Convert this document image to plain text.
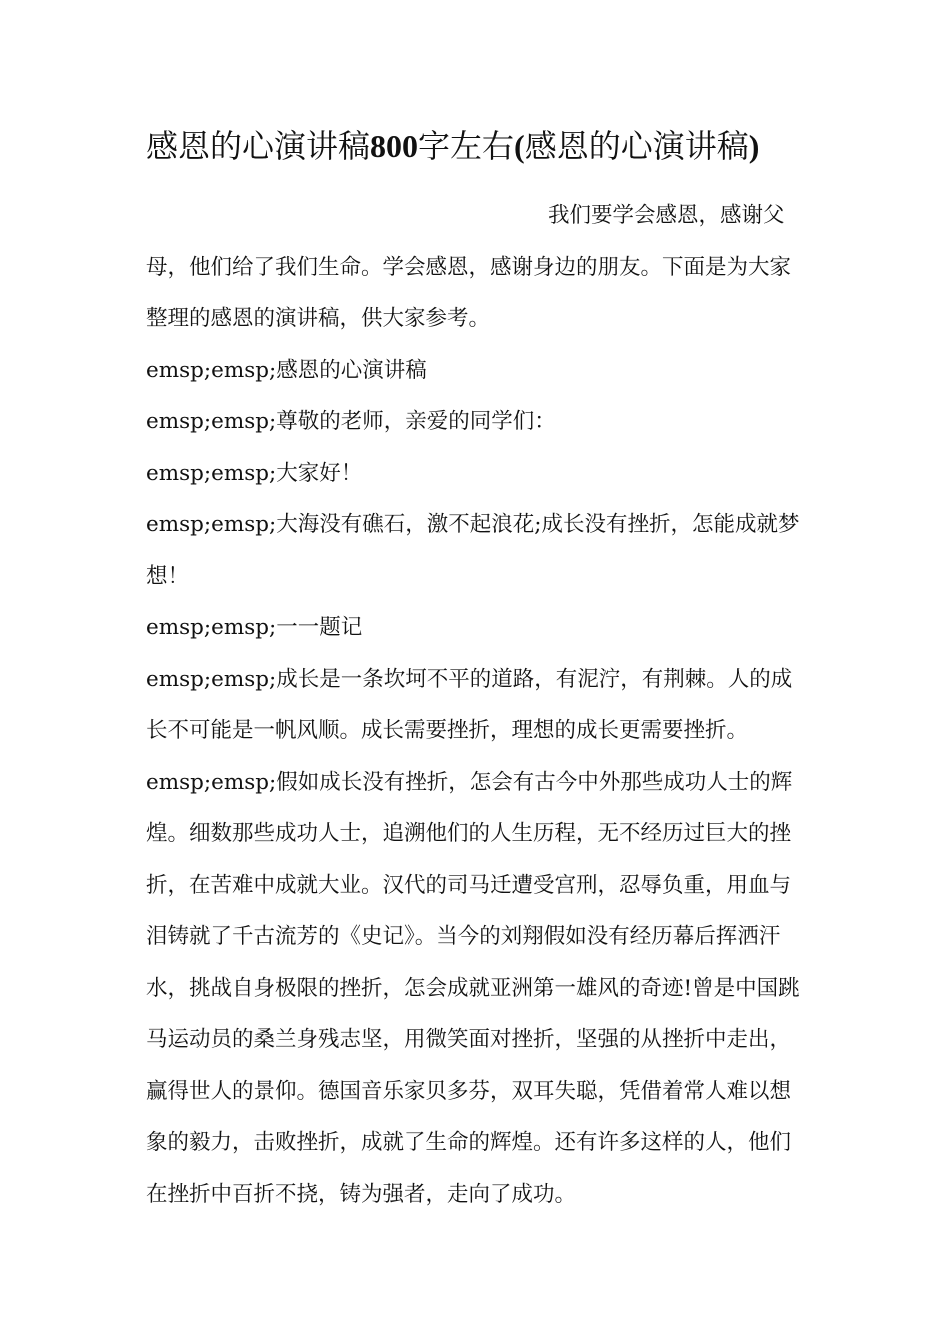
感恩的心演讲稿800字左右(感恩的心演讲稿)

我们要学会感恩，感谢父母，他们给了我们生命。学会感恩，感谢身边的朋友。下面是为大家整理的感恩的演讲稿，供大家参考。

emsp;emsp;感恩的心演讲稿

emsp;emsp;尊敬的老师，亲爱的同学们：

emsp;emsp;大家好！

emsp;emsp;大海没有礁石，激不起浪花;成长没有挫折，怎能成就梦想！

emsp;emsp;一一题记

emsp;emsp;成长是一条坎坷不平的道路，有泥泞，有荆棘。人的成长不可能是一帆风顺。成长需要挫折，理想的成长更需要挫折。

emsp;emsp;假如成长没有挫折，怎会有古今中外那些成功人士的辉煌。细数那些成功人士，追溯他们的人生历程，无不经历过巨大的挫折，在苦难中成就大业。汉代的司马迁遭受宫刑，忍辱负重，用血与泪铸就了千古流芳的《史记》。当今的刘翔假如没有经历幕后挥洒汗水，挑战自身极限的挫折，怎会成就亚洲第一雄风的奇迹!曾是中国跳马运动员的桑兰身残志坚，用微笑面对挫折，坚强的从挫折中走出，赢得世人的景仰。德国音乐家贝多芬，双耳失聪，凭借着常人难以想象的毅力，击败挫折，成就了生命的辉煌。还有许多这样的人，他们在挫折中百折不挠，铸为强者，走向了成功。
